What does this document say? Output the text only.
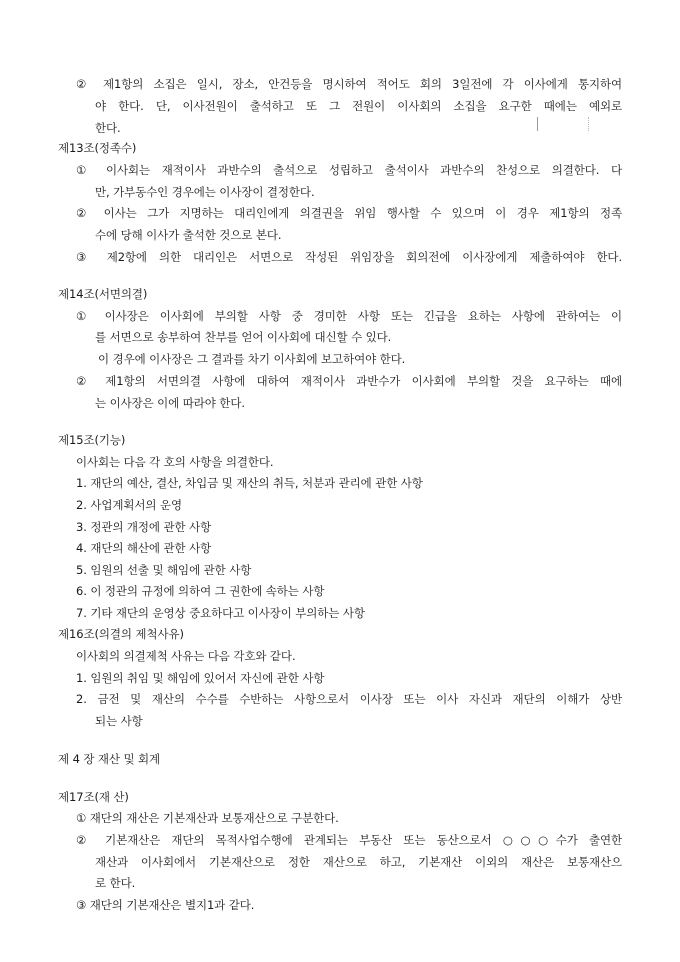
② 제1항의 소집은 일시, 장소, 안건등을 명시하여 적어도 회의 3일전에 각 이사에게 통지하여
야 한다. 단, 이사전원이 출석하고 또 그 전원이 이사회의 소집을 요구한 때에는 예외로
한다.
제13조(정족수)
① 이사회는 재적이사 과반수의 출석으로 성립하고 출석이사 과반수의 찬성으로 의결한다. 다
만, 가부동수인 경우에는 이사장이 결정한다.
② 이사는 그가 지명하는 대리인에게 의결권을 위임 행사할 수 있으며 이 경우 제1항의 정족
수에 당해 이사가 출석한 것으로 본다.
③ 제2항에 의한 대리인은 서면으로 작성된 위임장을 회의전에 이사장에게 제출하여야 한다.
제14조(서면의결)
① 이사장은 이사회에 부의할 사항 중 경미한 사항 또는 긴급을 요하는 사항에 관하여는 이
를 서면으로 송부하여 찬부를 얻어 이사회에 대신할 수 있다.
이 경우에 이사장은 그 결과를 차기 이사회에 보고하여야 한다.
② 제1항의 서면의결 사항에 대하여 재적이사 과반수가 이사회에 부의할 것을 요구하는 때에
는 이사장은 이에 따라야 한다.
제15조(기능)
이사회는 다음 각 호의 사항을 의결한다.
1. 재단의 예산, 결산, 차입금 및 재산의 취득, 처분과 관리에 관한 사항
2. 사업계획서의 운영
3. 정관의 개정에 관한 사항
4. 재단의 해산에 관한 사항
5. 임원의 선출 및 해임에 관한 사항
6. 이 정관의 규정에 의하여 그 권한에 속하는 사항
7. 기타 재단의 운영상 중요하다고 이사장이 부의하는 사항
제16조(의결의 제척사유)
이사회의 의결제척 사유는 다음 각호와 같다.
1. 임원의 취임 및 해임에 있어서 자신에 관한 사항
2. 금전 및 재산의 수수를 수반하는 사항으로서 이사장 또는 이사 자신과 재단의 이해가 상반
되는 사항
제 4 장 재산 및 회계
제17조(재 산)
① 재단의 재산은 기본재산과 보통재산으로 구분한다.
② 기본재산은 재단의 목적사업수행에 관계되는 부동산 또는 동산으로서 ○○○수가 출연한
재산과 이사회에서 기본재산으로 정한 재산으로 하고, 기본재산 이외의 재산은 보통재산으
로 한다.
③ 재단의 기본재산은 별지1과 같다.
